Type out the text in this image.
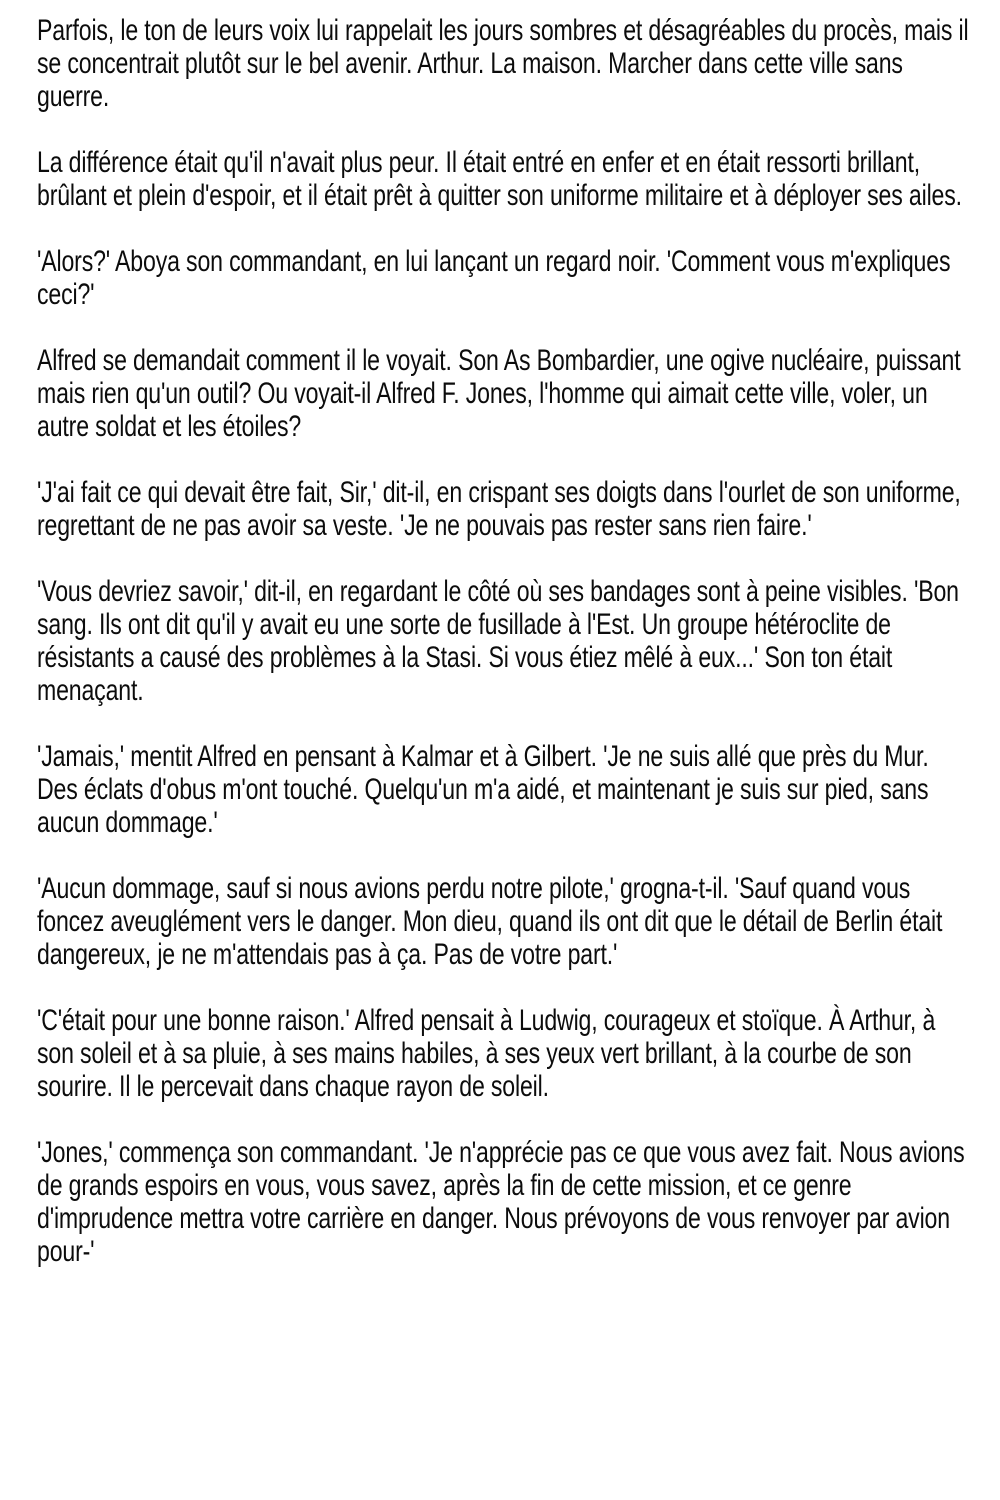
Parfois, le ton de leurs voix lui rappelait les jours sombres et désagréables du procès, mais il se concentrait plutôt sur le bel avenir. Arthur. La maison. Marcher dans cette ville sans guerre.

La différence était qu'il n'avait plus peur. Il était entré en enfer et en était ressorti brillant, brûlant et plein d'espoir, et il était prêt à quitter son uniforme militaire et à déployer ses ailes.

'Alors?' Aboya son commandant, en lui lançant un regard noir. 'Comment vous m'expliques ceci?'

Alfred se demandait comment il le voyait. Son As Bombardier, une ogive nucléaire, puissant mais rien qu'un outil? Ou voyait-il Alfred F. Jones, l'homme qui aimait cette ville, voler, un autre soldat et les étoiles?

'J'ai fait ce qui devait être fait, Sir,' dit-il, en crispant ses doigts dans l'ourlet de son uniforme, regrettant de ne pas avoir sa veste. 'Je ne pouvais pas rester sans rien faire.'

'Vous devriez savoir,' dit-il, en regardant le côté où ses bandages sont à peine visibles. 'Bon sang. Ils ont dit qu'il y avait eu une sorte de fusillade à l'Est. Un groupe hétéroclite de résistants a causé des problèmes à la Stasi. Si vous étiez mêlé à eux...' Son ton était menaçant.

'Jamais,' mentit Alfred en pensant à Kalmar et à Gilbert. 'Je ne suis allé que près du Mur. Des éclats d'obus m'ont touché. Quelqu'un m'a aidé, et maintenant je suis sur pied, sans aucun dommage.'

'Aucun dommage, sauf si nous avions perdu notre pilote,' grogna-t-il. 'Sauf quand vous foncez aveuglément vers le danger. Mon dieu, quand ils ont dit que le détail de Berlin était dangereux, je ne m'attendais pas à ça. Pas de votre part.'

'C'était pour une bonne raison.' Alfred pensait à Ludwig, courageux et stoïque. À Arthur, à son soleil et à sa pluie, à ses mains habiles, à ses yeux vert brillant, à la courbe de son sourire. Il le percevait dans chaque rayon de soleil.

'Jones,' commença son commandant. 'Je n'apprécie pas ce que vous avez fait. Nous avions de grands espoirs en vous, vous savez, après la fin de cette mission, et ce genre d'imprudence mettra votre carrière en danger. Nous prévoyons de vous renvoyer par avion pour-'
